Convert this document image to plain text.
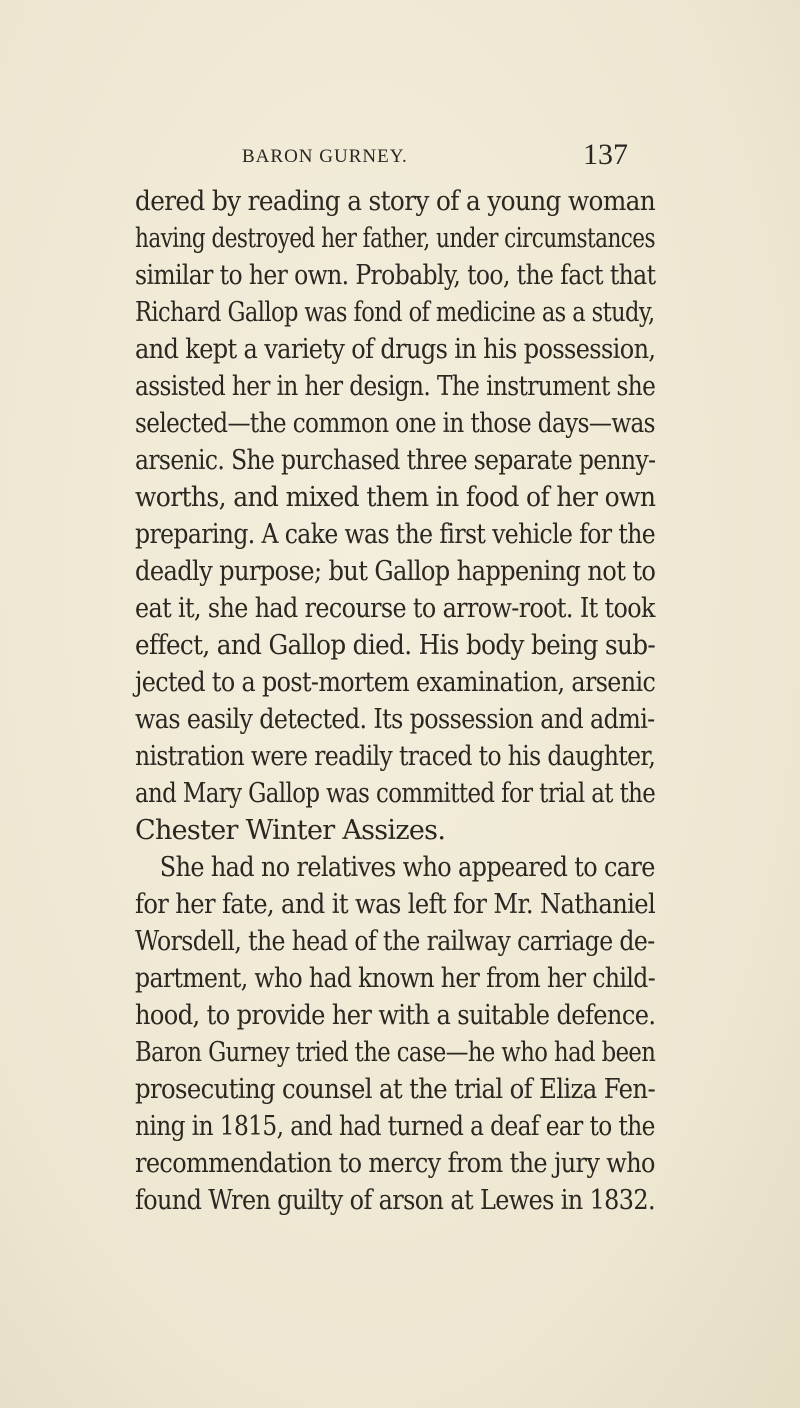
BARON GURNEY.	137
dered by reading a story of a young woman
having destroyed her father, under circumstances
similar to her own. Probably, too, the fact that
Richard Gallop was fond of medicine as a study,
and kept a variety of drugs in his possession,
assisted her in her design. The instrument she
selected—the common one in those days—was
arsenic. She purchased three separate penny-
worths, and mixed them in food of her own
preparing. A cake was the first vehicle for the
deadly purpose; but Gallop happening not to
eat it, she had recourse to arrow-root. It took
effect, and Gallop died. His body being sub-
jected to a post-mortem examination, arsenic
was easily detected. Its possession and admi-
nistration were readily traced to his daughter,
and Mary Gallop was committed for trial at the
Chester Winter Assizes.
She had no relatives who appeared to care
for her fate, and it was left for Mr. Nathaniel
Worsdell, the head of the railway carriage de-
partment, who had known her from her child-
hood, to provide her with a suitable defence.
Baron Gurney tried the case—he who had been
prosecuting counsel at the trial of Eliza Fen-
ning in 1815, and had turned a deaf ear to the
recommendation to mercy from the jury who
found Wren guilty of arson at Lewes in 1832.
